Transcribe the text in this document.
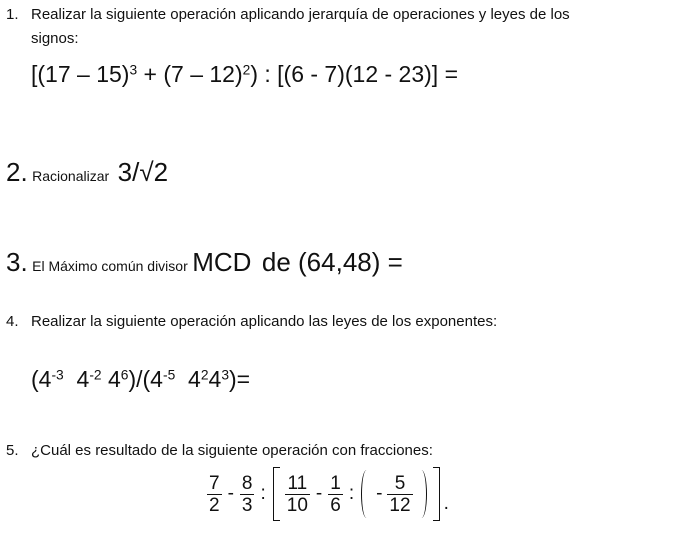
1. Realizar la siguiente operación aplicando jerarquía de operaciones y leyes de los
signos:
[(17 – 15)$^3$ + (7 – 12)$^2$) : [(6 - 7)(12 - 23)] =
2. Racionalizar 3/√2
3. El Máximo común divisor MCD de (64,48) =
4. Realizar la siguiente operación aplicando las leyes de los exponentes:
($4^{-3}$ $4^{-2}$ $4^6)/(4^{-5}$ $4^24^3)=$
5. ¿Cuál es resultado de la siguiente operación con fracciones:
$\frac{7}{2} - \frac{8}{3}$ : $\frac{11}{10} - \frac{1}{6}$ : - $\frac{5}{12}$ .
